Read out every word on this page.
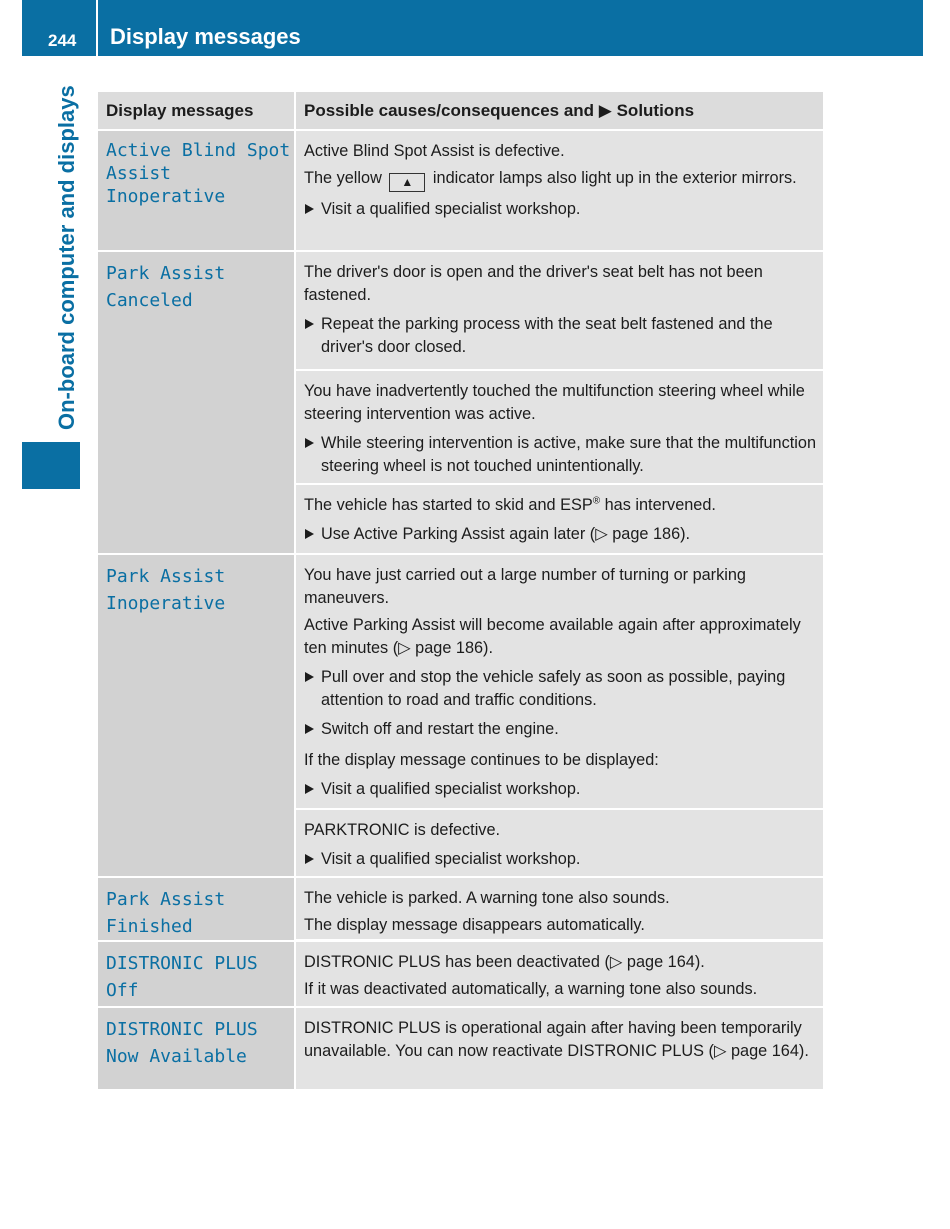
244 Display messages
On-board computer and displays	Display messages	Possible causes/consequences and ▶ Solutions
Active Blind Spot
Assist Inoperative

Active Blind Spot Assist is defective.

The yellow ▲ indicator lamps also light up in the exterior mirrors.

Visit a qualified specialist workshop.

Park Assist
Canceled

The driver's door is open and the driver's seat belt has not been fastened.

Repeat the parking process with the seat belt fastened and the driver's door closed.

You have inadvertently touched the multifunction steering wheel while steering intervention was active.

While steering intervention is active, make sure that the multifunction steering wheel is not touched unintentionally.

The vehicle has started to skid and ESP® has intervened.

Use Active Parking Assist again later (▷ page 186).

Park Assist
Inoperative

You have just carried out a large number of turning or parking maneuvers.

Active Parking Assist will become available again after approximately ten minutes (▷ page 186).

Pull over and stop the vehicle safely as soon as possible, paying attention to road and traffic conditions.

Switch off and restart the engine.

If the display message continues to be displayed:

Visit a qualified specialist workshop.

PARKTRONIC is defective.

Visit a qualified specialist workshop.

Park Assist
Finished

The vehicle is parked. A warning tone also sounds.

The display message disappears automatically.

DISTRONIC PLUS
Off

DISTRONIC PLUS has been deactivated (▷ page 164).

If it was deactivated automatically, a warning tone also sounds.

DISTRONIC PLUS
Now Available

DISTRONIC PLUS is operational again after having been temporarily unavailable. You can now reactivate DISTRONIC PLUS (▷ page 164).
